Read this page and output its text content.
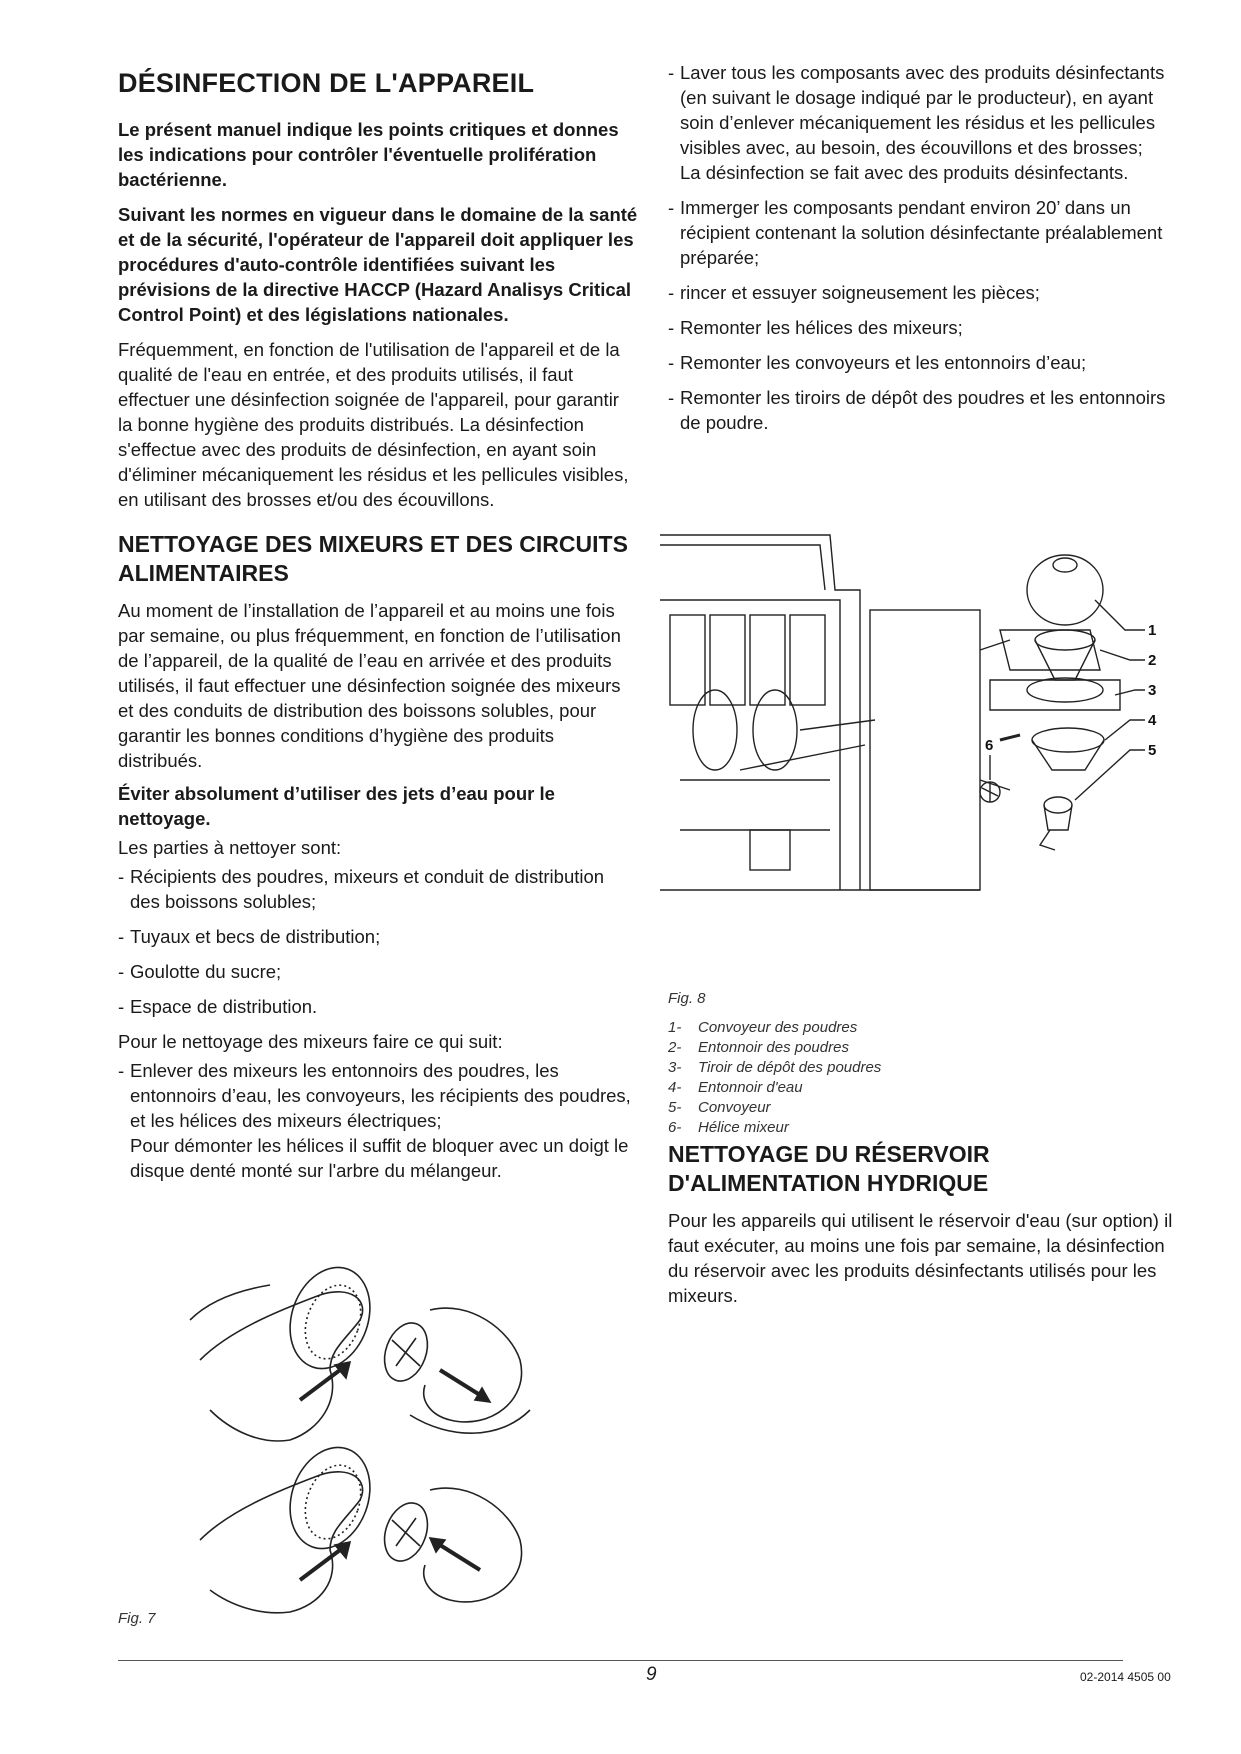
DÉSINFECTION DE L'APPAREIL

Le présent manuel indique les points critiques et donnes les indications pour contrôler l'éventuelle prolifération bactérienne.

Suivant les normes en vigueur dans le domaine de la santé et de la sécurité, l'opérateur de l'appareil doit appliquer les procédures d'auto-contrôle identifiées suivant les prévisions de la directive HACCP (Hazard Analisys Critical Control Point) et des législations nationales.

Fréquemment, en fonction de l'utilisation de l'appareil et de la qualité de l'eau en entrée, et des produits utilisés, il faut effectuer une désinfection soignée de l'appareil, pour garantir la bonne hygiène des produits distribués. La désinfection s'effectue avec des produits de désinfection, en ayant soin d'éliminer mécaniquement les résidus et les pellicules visibles, en utilisant des brosses et/ou des écouvillons.

NETTOYAGE DES MIXEURS ET DES CIRCUITS ALIMENTAIRES

Au moment de l’installation de l’appareil et au moins une fois par semaine, ou plus fréquemment, en fonction de l’utilisation de l’appareil, de la qualité de l’eau en arrivée et des produits utilisés, il faut effectuer une désinfection soignée des mixeurs et des conduits de distribution des boissons solubles, pour garantir les bonnes conditions d’hygiène des produits distribués.

Éviter absolument d’utiliser des jets d’eau pour le nettoyage.

Les parties à nettoyer sont:

- Récipients des poudres, mixeurs et conduit de distribution des boissons solubles;
- Tuyaux et becs de distribution;
- Goulotte du sucre;
- Espace de distribution.

Pour le nettoyage des mixeurs faire ce qui suit:

- Enlever des mixeurs les entonnoirs des poudres, les entonnoirs d’eau, les convoyeurs, les récipients des poudres, et les hélices des mixeurs électriques;
Pour démonter les hélices il suffit de bloquer avec un doigt le disque denté monté sur l'arbre du mélangeur.
Fig. 7
- Laver tous les composants avec des produits désinfectants (en suivant le dosage indiqué par le producteur), en ayant soin d’enlever mécaniquement les résidus et les pellicules visibles avec, au besoin, des écouvillons et des brosses;
La désinfection se fait avec des produits désinfectants.
- Immerger les composants pendant environ 20’ dans un récipient contenant la solution désinfectante préalablement préparée;
- rincer et essuyer soigneusement les pièces;
- Remonter les hélices des mixeurs;
- Remonter les convoyeurs et les entonnoirs d’eau;
- Remonter les tiroirs de dépôt des poudres et les entonnoirs de poudre.
1
2
3
4
5
6
Fig. 8
1-	Convoyeur des poudres
2-	Entonnoir des poudres
3-	Tiroir de dépôt des poudres
4-	Entonnoir d'eau
5-	Convoyeur
6-	Hélice mixeur
NETTOYAGE DU RÉSERVOIR D'ALIMENTATION HYDRIQUE

Pour les appareils qui utilisent le réservoir d'eau (sur option) il faut exécuter, au moins une fois par semaine, la désinfection du réservoir avec les produits désinfectants utilisés pour les mixeurs.

9	02-2014 4505 00
